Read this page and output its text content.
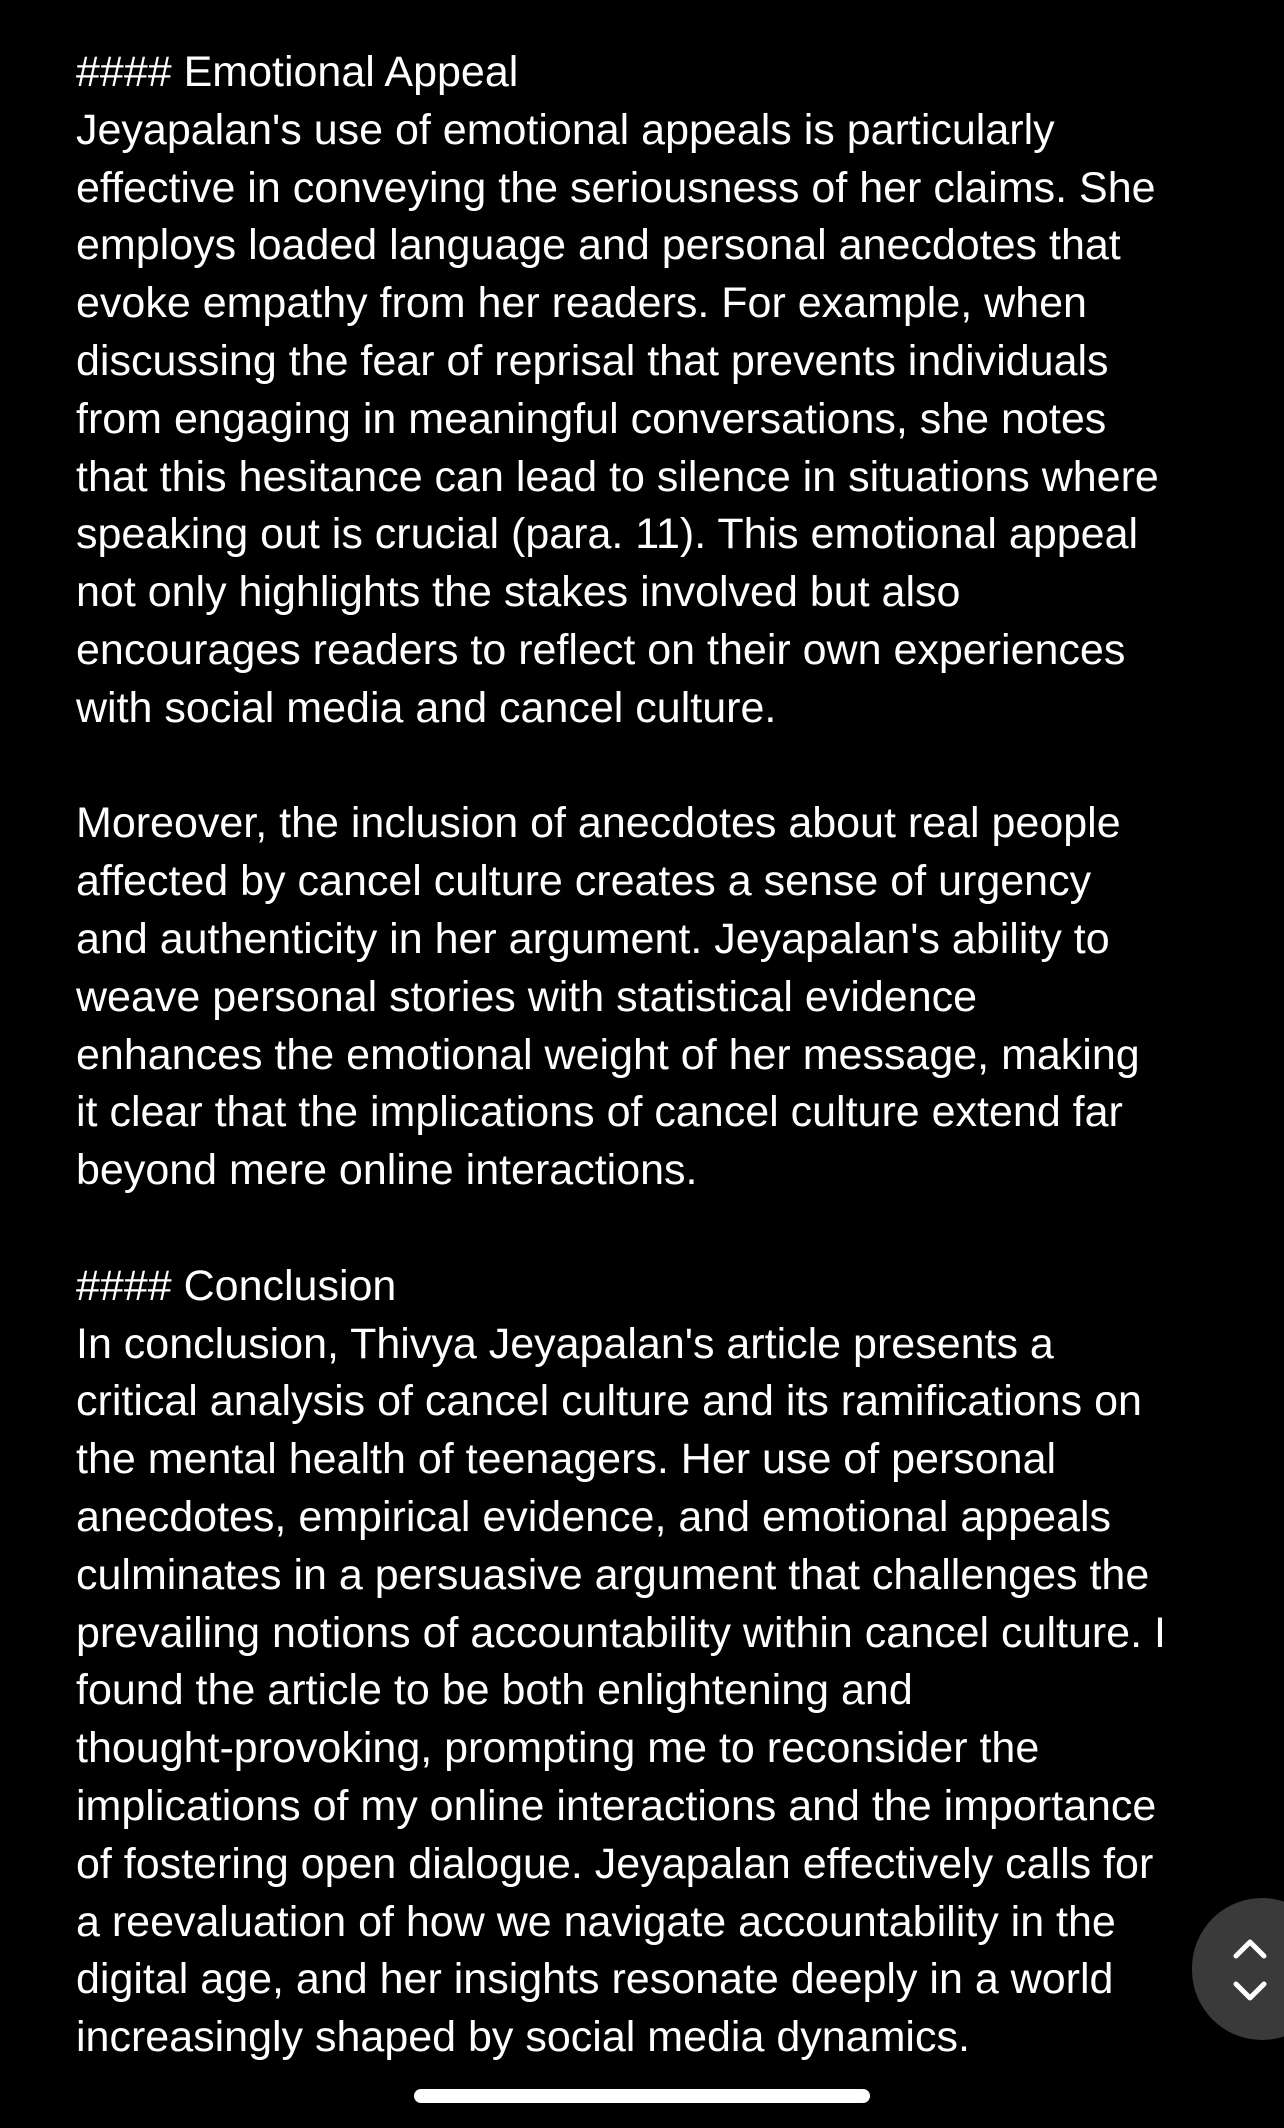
#### Emotional Appeal
Jeyapalan's use of emotional appeals is particularly
effective in conveying the seriousness of her claims. She
employs loaded language and personal anecdotes that
evoke empathy from her readers. For example, when
discussing the fear of reprisal that prevents individuals
from engaging in meaningful conversations, she notes
that this hesitance can lead to silence in situations where
speaking out is crucial (para. 11). This emotional appeal
not only highlights the stakes involved but also
encourages readers to reflect on their own experiences
with social media and cancel culture.
Moreover, the inclusion of anecdotes about real people
affected by cancel culture creates a sense of urgency
and authenticity in her argument. Jeyapalan's ability to
weave personal stories with statistical evidence
enhances the emotional weight of her message, making
it clear that the implications of cancel culture extend far
beyond mere online interactions.
#### Conclusion
In conclusion, Thivya Jeyapalan's article presents a
critical analysis of cancel culture and its ramifications on
the mental health of teenagers. Her use of personal
anecdotes, empirical evidence, and emotional appeals
culminates in a persuasive argument that challenges the
prevailing notions of accountability within cancel culture. I
found the article to be both enlightening and
thought-provoking, prompting me to reconsider the
implications of my online interactions and the importance
of fostering open dialogue. Jeyapalan effectively calls for
a reevaluation of how we navigate accountability in the
digital age, and her insights resonate deeply in a world
increasingly shaped by social media dynamics.
